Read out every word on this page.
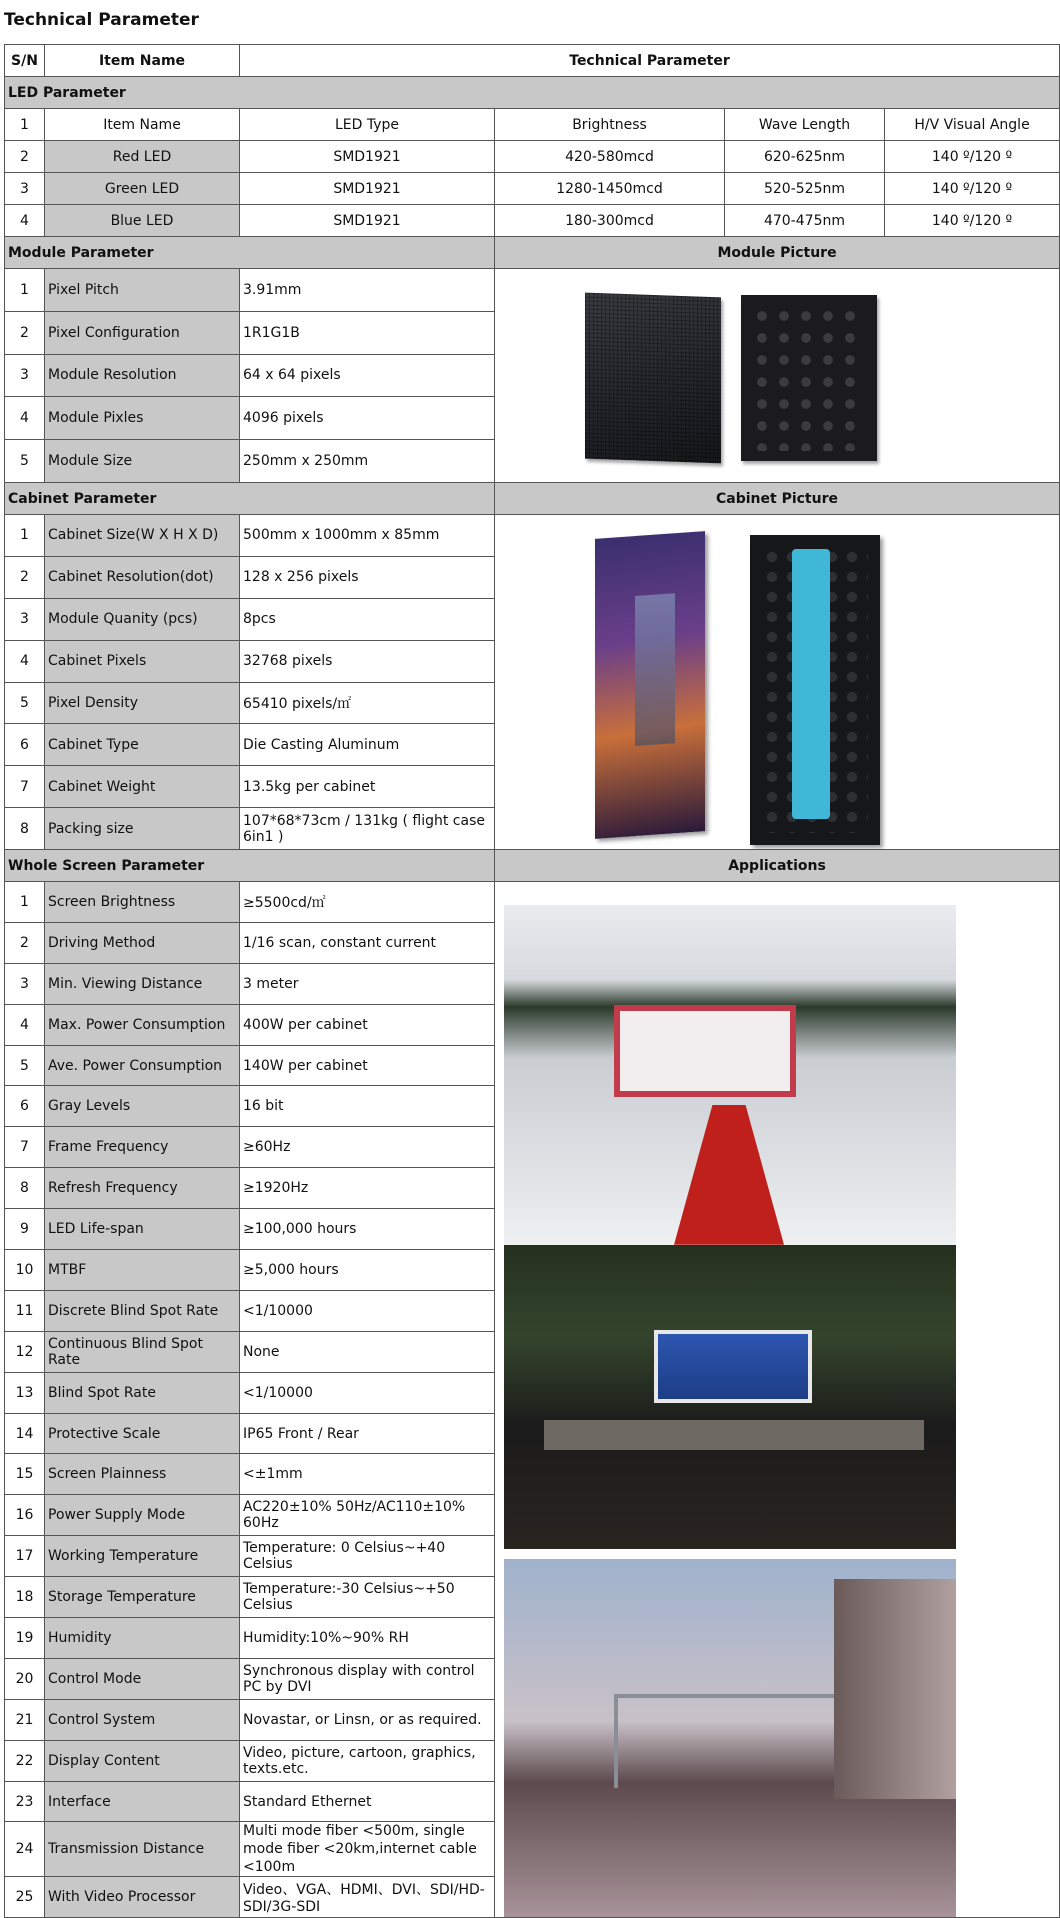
Technical Parameter
S/N	Item Name	Technical Parameter			
LED Parameter					
1	Item Name	LED Type	Brightness	Wave Length	H/V Visual Angle
2	Red LED	SMD1921	420-580mcd	620-625nm	140 º/120 º
3	Green LED	SMD1921	1280-1450mcd	520-525nm	140 º/120 º
4	Blue LED	SMD1921	180-300mcd	470-475nm	140 º/120 º
Module Parameter			Module Picture		
1	Pixel Pitch	3.91mm			

2	Pixel Configuration	1R1G1B			
3	Module Resolution	64 x 64 pixels			
4	Module Pixles	4096 pixels			
5	Module Size	250mm x 250mm			
Cabinet Parameter			Cabinet Picture		
1	Cabinet Size(W X H X D)	500mm x 1000mm x 85mm			

2	Cabinet Resolution(dot)	128 x 256 pixels			
3	Module Quanity (pcs)	8pcs			
4	Cabinet Pixels	32768 pixels			
5	Pixel Density	65410 pixels/㎡			
6	Cabinet Type	Die Casting Aluminum			
7	Cabinet Weight	13.5kg per cabinet			
8	Packing size	107*68*73cm / 131kg ( flight case 6in1 )			
Whole Screen Parameter			Applications		
1	Screen Brightness	≥5500cd/㎡			

2	Driving Method	1/16 scan, constant current			
3	Min. Viewing Distance	3 meter			
4	Max. Power Consumption	400W per cabinet			
5	Ave. Power Consumption	140W per cabinet			
6	Gray Levels	16 bit			
7	Frame Frequency	≥60Hz			
8	Refresh Frequency	≥1920Hz			
9	LED Life-span	≥100,000 hours			
10	MTBF	≥5,000 hours			
11	Discrete Blind Spot Rate	<1/10000			
12	Continuous Blind Spot Rate	None			
13	Blind Spot Rate	<1/10000			
14	Protective Scale	IP65 Front / Rear			
15	Screen Plainness	<±1mm			
16	Power Supply Mode	AC220±10% 50Hz/AC110±10% 60Hz			
17	Working Temperature	Temperature: 0 Celsius~+40 Celsius			
18	Storage Temperature	Temperature:-30 Celsius~+50 Celsius			
19	Humidity	Humidity:10%~90% RH			
20	Control Mode	Synchronous display with control PC by DVI			
21	Control System	Novastar, or Linsn, or as required.			
22	Display Content	Video, picture, cartoon, graphics, texts.etc.			
23	Interface	Standard Ethernet			
24	Transmission Distance	Multi mode fiber <500m, single mode fiber <20km,internet cable <100m			
25	With Video Processor	Video、VGA、HDMI、DVI、SDI/HD-SDI/3G-SDI			
